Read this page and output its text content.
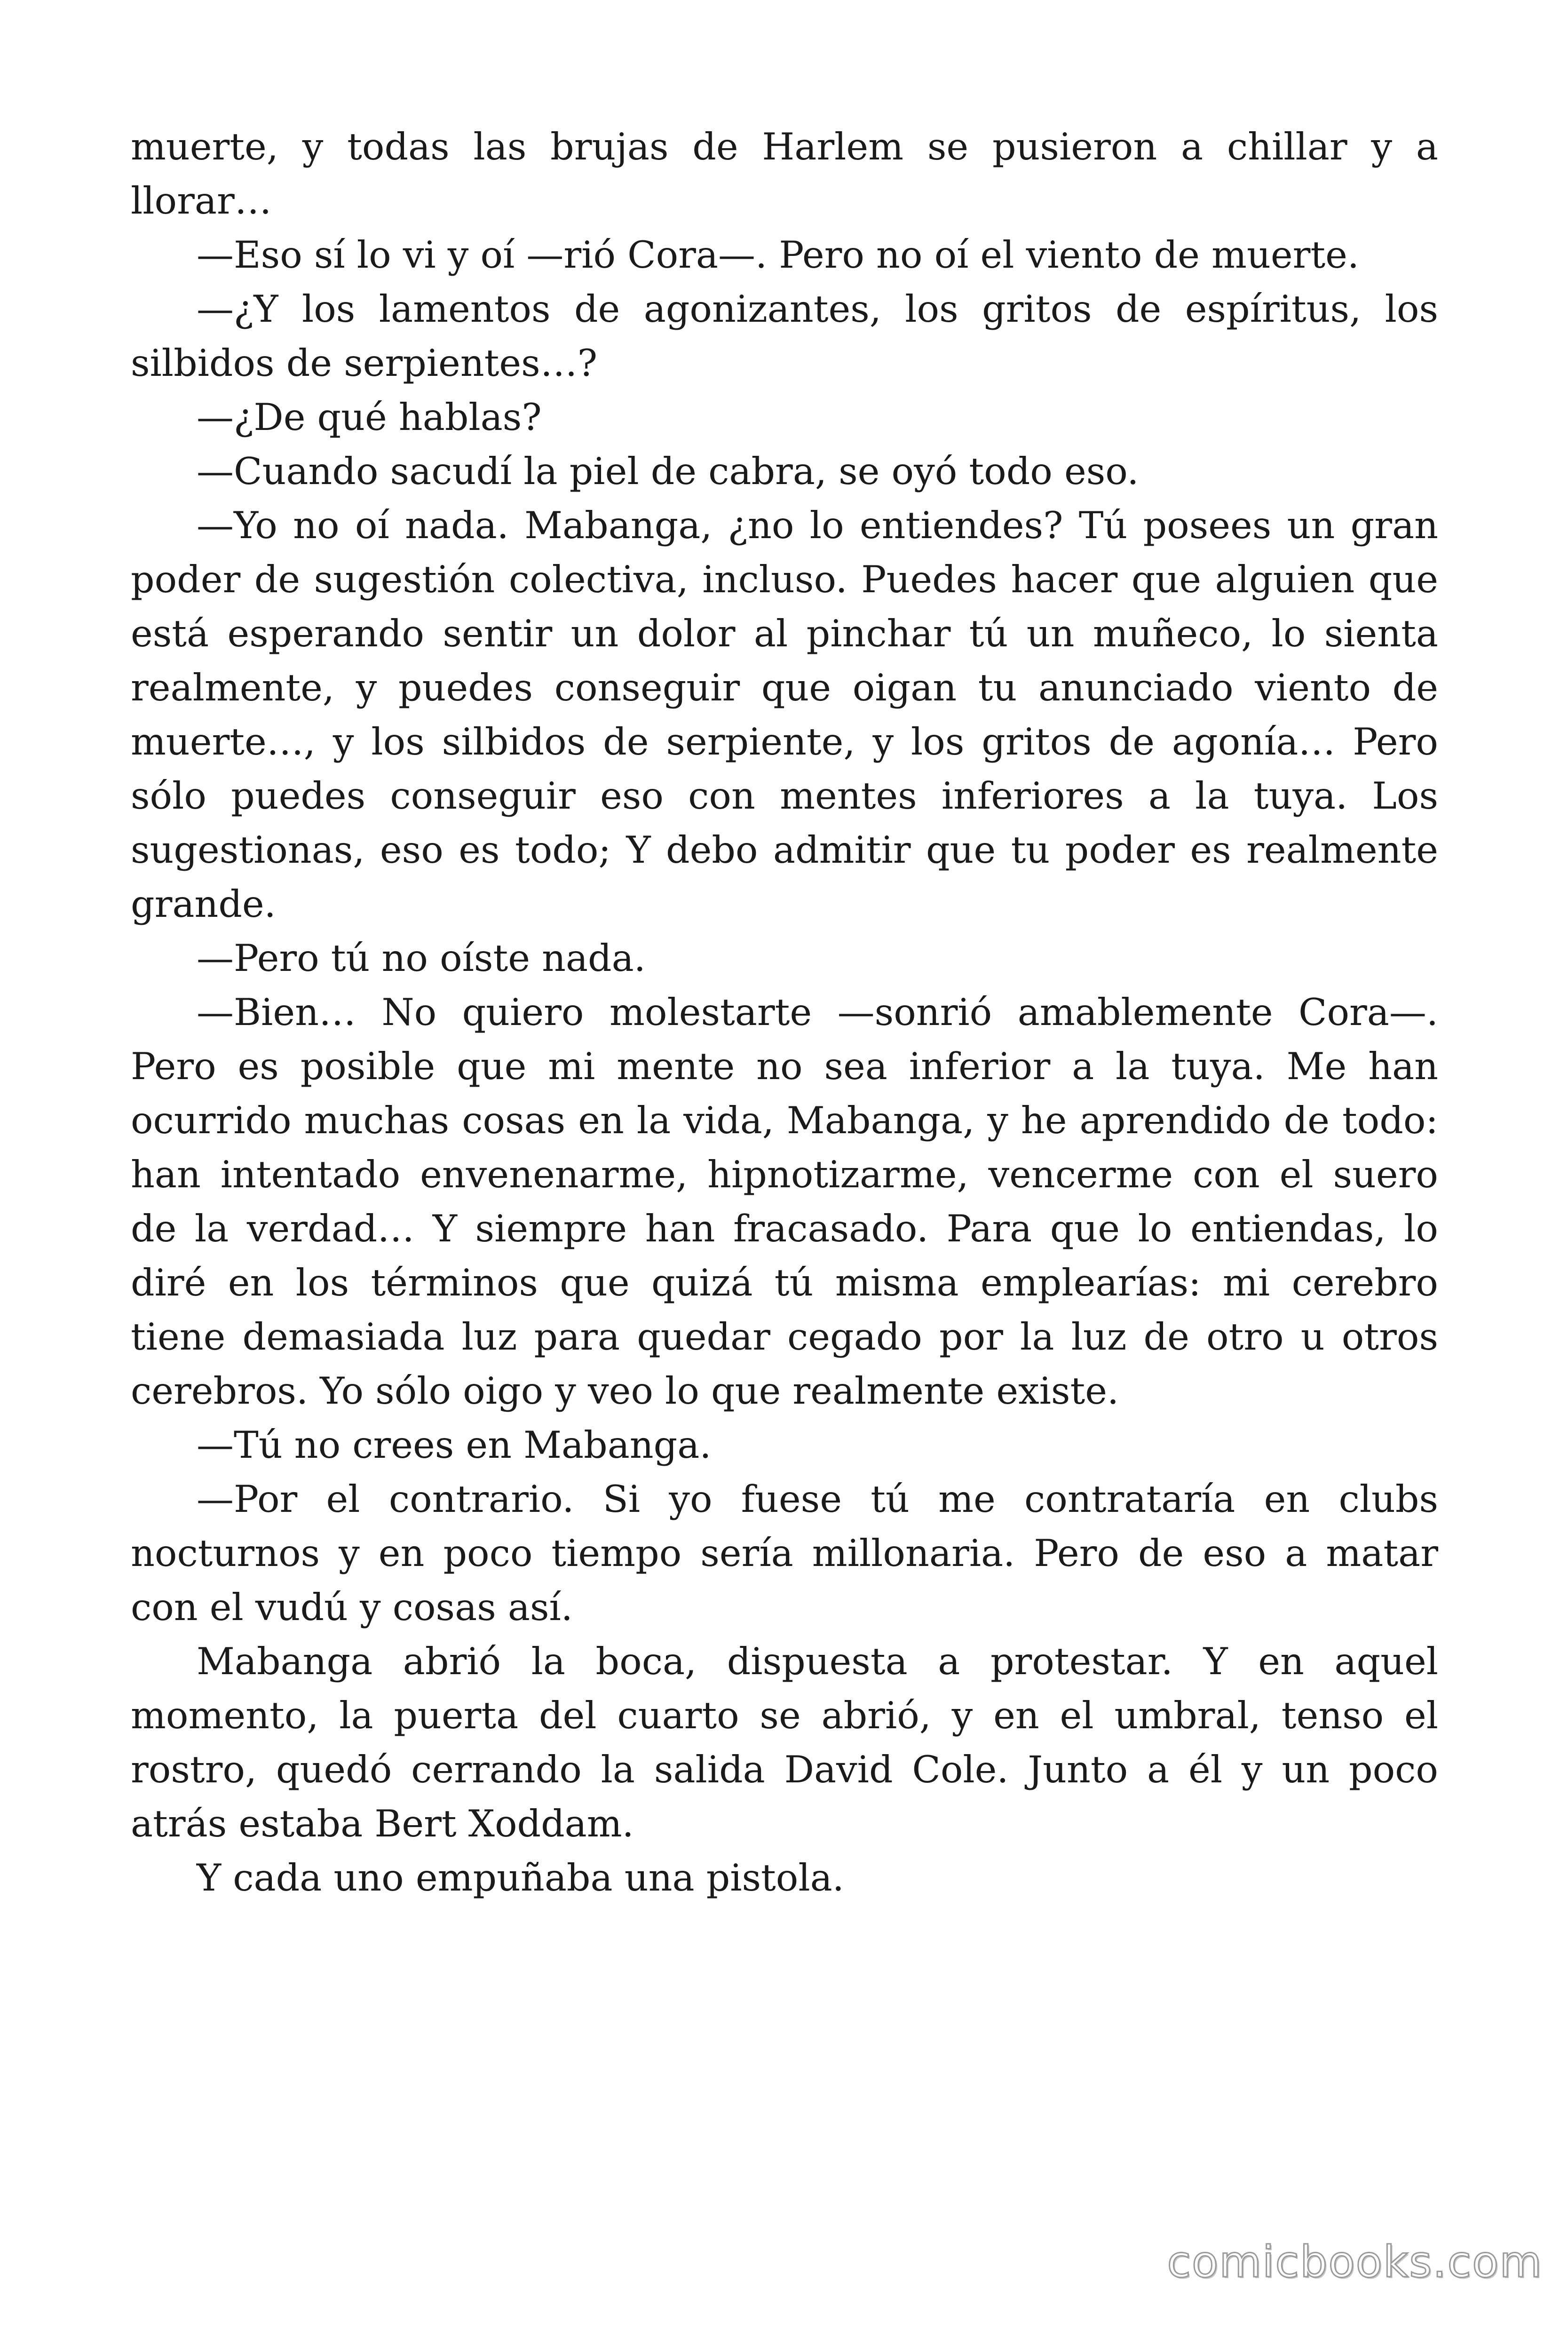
muerte, y todas las brujas de Harlem se pusieron a chillar y a llorar…

—Eso sí lo vi y oí —rió Cora—. Pero no oí el viento de muerte.

—¿Y los lamentos de agonizantes, los gritos de espíritus, los silbidos de serpientes…?

—¿De qué hablas?

—Cuando sacudí la piel de cabra, se oyó todo eso.

—Yo no oí nada. Mabanga, ¿no lo entiendes? Tú posees un gran poder de sugestión colectiva, incluso. Puedes hacer que alguien que está esperando sentir un dolor al pinchar tú un muñeco, lo sienta realmente, y puedes conseguir que oigan tu anunciado viento de muerte…, y los silbidos de serpiente, y los gritos de agonía… Pero sólo puedes conseguir eso con mentes inferiores a la tuya. Los sugestionas, eso es todo; Y debo admitir que tu poder es realmente grande.

—Pero tú no oíste nada.

—Bien… No quiero molestarte —sonrió amablemente Cora—. Pero es posible que mi mente no sea inferior a la tuya. Me han ocurrido muchas cosas en la vida, Mabanga, y he aprendido de todo: han intentado envenenarme, hipnotizarme, vencerme con el suero de la verdad… Y siempre han fracasado. Para que lo entiendas, lo diré en los términos que quizá tú misma emplearías: mi cerebro tiene demasiada luz para quedar cegado por la luz de otro u otros cerebros. Yo sólo oigo y veo lo que realmente existe.

—Tú no crees en Mabanga.

—Por el contrario. Si yo fuese tú me contrataría en clubs nocturnos y en poco tiempo sería millonaria. Pero de eso a matar con el vudú y cosas así.

Mabanga abrió la boca, dispuesta a protestar. Y en aquel momento, la puerta del cuarto se abrió, y en el umbral, tenso el rostro, quedó cerrando la salida David Cole. Junto a él y un poco atrás estaba Bert Xoddam.

Y cada uno empuñaba una pistola.

comicbooks.com
